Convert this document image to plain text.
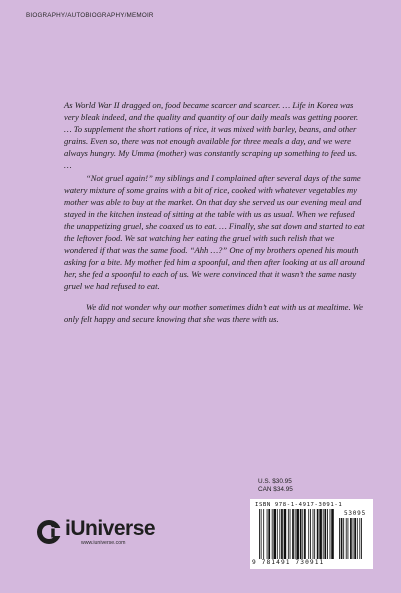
BIOGRAPHY/AUTOBIOGRAPHY/MEMOIR

As World War II dragged on, food became scarcer and scarcer. … Life in Korea was very bleak indeed, and the quality and quantity of our daily meals was getting poorer. … To supplement the short rations of rice, it was mixed with barley, beans, and other grains. Even so, there was not enough available for three meals a day, and we were always hungry. My Umma (mother) was constantly scraping up something to feed us. …

“Not gruel again!” my siblings and I complained after several days of the same watery mixture of some grains with a bit of rice, cooked with whatever vegetables my mother was able to buy at the market. On that day she served us our evening meal and stayed in the kitchen instead of sitting at the table with us as usual. When we refused the unappetizing gruel, she coaxed us to eat. … Finally, she sat down and started to eat the leftover food. We sat watching her eating the gruel with such relish that we wondered if that was the same food. “Ahh …?” One of my brothers opened his mouth asking for a bite. My mother fed him a spoonful, and then after looking at us all around her, she fed a spoonful to each of us. We were convinced that it wasn’t the same nasty gruel we had refused to eat.

We did not wonder why our mother sometimes didn’t eat with us at mealtime. We only felt happy and secure knowing that she was there with us.

iUniverse
www.iuniverse.com
U.S. $30.95
CAN $34.95
ISBN 978-1-4917-3091-1
53095
9 781491 730911
